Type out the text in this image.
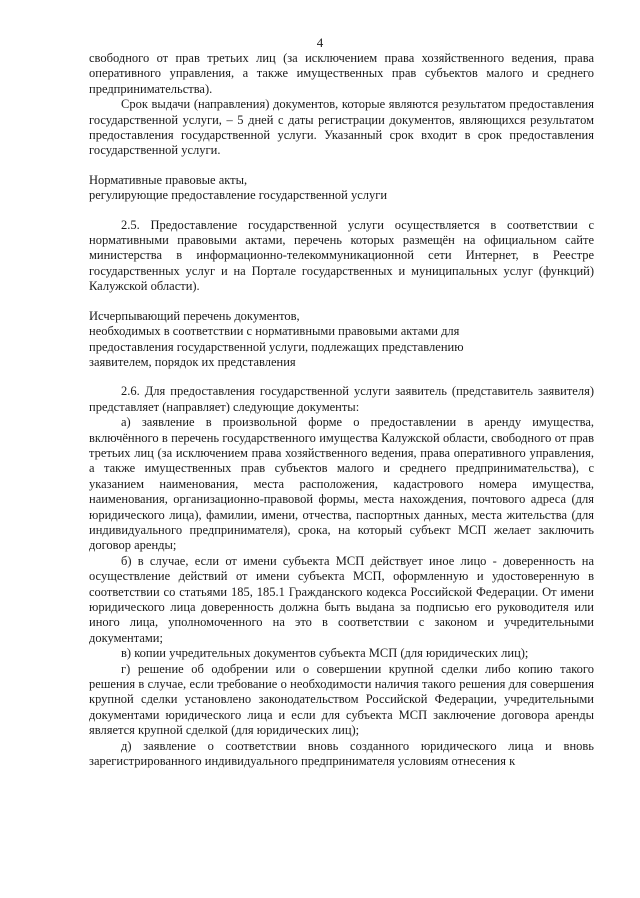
4

свободного от прав третьих лиц (за исключением права хозяйственного ведения, права оперативного управления, а также имущественных прав субъектов малого и среднего предпринимательства).

Срок выдачи (направления) документов, которые являются результатом предоставления государственной услуги, – 5 дней с даты регистрации документов, являющихся результатом предоставления государственной услуги. Указанный срок входит в срок предоставления государственной услуги.

Нормативные правовые акты,
регулирующие предоставление государственной услуги

2.5. Предоставление государственной услуги осуществляется в соответствии с нормативными правовыми актами, перечень которых размещён на официальном сайте министерства в информационно-телекоммуникационной сети Интернет, в Реестре государственных услуг и на Портале государственных и муниципальных услуг (функций) Калужской области).

Исчерпывающий перечень документов,
необходимых в соответствии с нормативными правовыми актами для
предоставления государственной услуги, подлежащих представлению
заявителем, порядок их представления

2.6. Для предоставления государственной услуги заявитель (представитель заявителя) представляет (направляет) следующие документы:

а) заявление в произвольной форме о предоставлении в аренду имущества, включённого в перечень государственного имущества Калужской области, свободного от прав третьих лиц (за исключением права хозяйственного ведения, права оперативного управления, а также имущественных прав субъектов малого и среднего предпринимательства), с указанием наименования, места расположения, кадастрового номера имущества, наименования, организационно-правовой формы, места нахождения, почтового адреса (для юридического лица), фамилии, имени, отчества, паспортных данных, места жительства (для индивидуального предпринимателя), срока, на который субъект МСП желает заключить договор аренды;

б) в случае, если от имени субъекта МСП действует иное лицо - доверенность на осуществление действий от имени субъекта МСП, оформленную и удостоверенную в соответствии со статьями 185, 185.1 Гражданского кодекса Российской Федерации. От имени юридического лица доверенность должна быть выдана за подписью его руководителя или иного лица, уполномоченного на это в соответствии с законом и учредительными документами;

в) копии учредительных документов субъекта МСП (для юридических лиц);

г) решение об одобрении или о совершении крупной сделки либо копию такого решения в случае, если требование о необходимости наличия такого решения для совершения крупной сделки установлено законодательством Российской Федерации, учредительными документами юридического лица и если для субъекта МСП заключение договора аренды является крупной сделкой (для юридических лиц);

д) заявление о соответствии вновь созданного юридического лица и вновь зарегистрированного индивидуального предпринимателя условиям отнесения к
